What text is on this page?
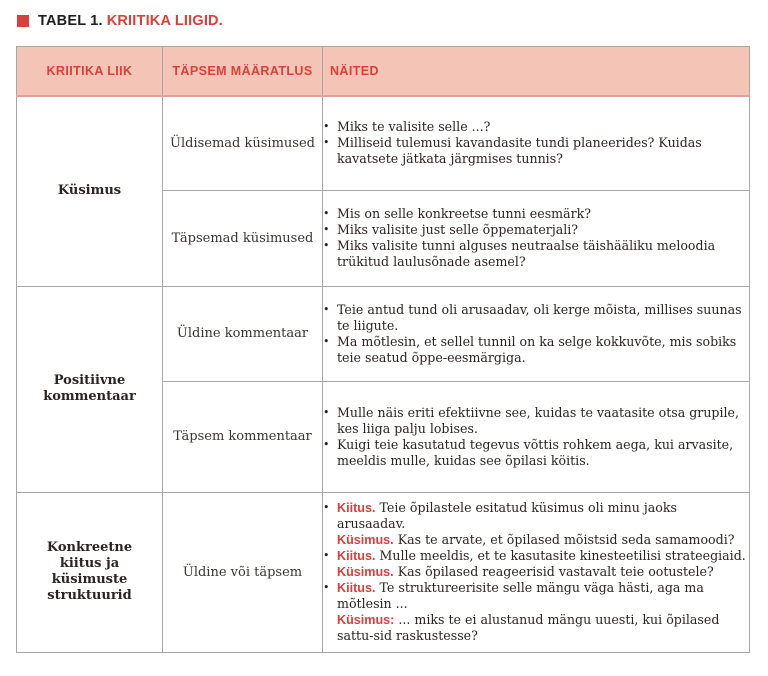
TABEL 1. KRIITIKA LIIGID.
KRIITIKA LIIK	TÄPSEM MÄÄRATLUS	NÄITED
Küsimus	Üldisemad küsimused	
• Miks te valisite selle ...?
• Milliseid tulemusi kavandasite tundi planeerides? Kuidas kavatsete jätkata järgmises tunnis?

Täpsemad küsimused	
• Mis on selle konkreetse tunni eesmärk?
• Miks valisite just selle õppematerjali?
• Miks valisite tunni alguses neutraalse täishääliku meloodia trükitud laulusõnade asemel?

Positiivne kommentaar	Üldine kommentaar	
• Teie antud tund oli arusaadav, oli kerge mõista, millises suunas te liigute.
• Ma mõtlesin, et sellel tunnil on ka selge kokkuvõte, mis sobiks teie seatud õppe-eesmärgiga.

Täpsem kommentaar	
• Mulle näis eriti efektiivne see, kuidas te vaatasite otsa grupile, kes liiga palju lobises.
• Kuigi teie kasutatud tegevus võttis rohkem aega, kui arvasite, meeldis mulle, kuidas see õpilasi köitis.

Konkreetne kiitus ja küsimuste struktuurid	Üldine või täpsem	
• Kiitus. Teie õpilastele esitatud küsimus oli minu jaoks arusaadav.
Küsimus. Kas te arvate, et õpilased mõistsid seda samamoodi?
• Kiitus. Mulle meeldis, et te kasutasite kinesteetilisi strateegiaid.
Küsimus. Kas õpilased reageerisid vastavalt teie ootustele?
• Kiitus. Te struktureerisite selle mängu väga hästi, aga ma mõtlesin ...
Küsimus: ... miks te ei alustanud mängu uuesti, kui õpilased sattu-sid raskustesse?
